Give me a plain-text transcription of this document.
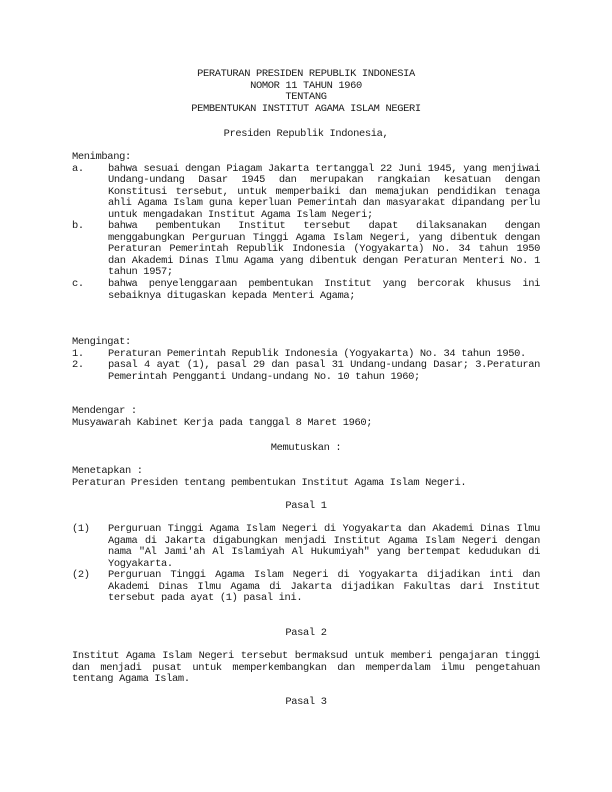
PERATURAN PRESIDEN REPUBLIK INDONESIA
NOMOR 11 TAHUN 1960
TENTANG
PEMBENTUKAN INSTITUT AGAMA ISLAM NEGERI
Presiden Republik Indonesia,
Menimbang:
a. bahwa sesuai dengan Piagam Jakarta tertanggal 22 Juni 1945, yang menjiwai Undang-undang Dasar 1945 dan merupakan rangkaian kesatuan dengan Konstitusi tersebut, untuk memperbaiki dan memajukan pendidikan tenaga ahli Agama Islam guna keperluan Pemerintah dan masyarakat dipandang perlu untuk mengadakan Institut Agama Islam Negeri;

b. bahwa pembentukan Institut tersebut dapat dilaksanakan dengan menggabungkan Perguruan Tinggi Agama Islam Negeri, yang dibentuk dengan Peraturan Pemerintah Republik Indonesia (Yogyakarta) No. 34 tahun 1950 dan Akademi Dinas Ilmu Agama yang dibentuk dengan Peraturan Menteri No. 1 tahun 1957;

c. bahwa penyelenggaraan pembentukan Institut yang bercorak khusus ini sebaiknya ditugaskan kepada Menteri Agama;

Mengingat:
1. Peraturan Pemerintah Republik Indonesia (Yogyakarta) No. 34 tahun 1950.

2. pasal 4 ayat (1), pasal 29 dan pasal 31 Undang-undang Dasar; 3.Peraturan Pemerintah Pengganti Undang-undang No. 10 tahun 1960;

Mendengar :
Musyawarah Kabinet Kerja pada tanggal 8 Maret 1960;
Memutuskan :
Menetapkan :
Peraturan Presiden tentang pembentukan Institut Agama Islam Negeri.
Pasal 1
(1) Perguruan Tinggi Agama Islam Negeri di Yogyakarta dan Akademi Dinas Ilmu Agama di Jakarta digabungkan menjadi Institut Agama Islam Negeri dengan nama "Al Jami'ah Al Islamiyah Al Hukumiyah" yang bertempat kedudukan di Yogyakarta.

(2) Perguruan Tinggi Agama Islam Negeri di Yogyakarta dijadikan inti dan Akademi Dinas Ilmu Agama di Jakarta dijadikan Fakultas dari Institut tersebut pada ayat (1) pasal ini.

Pasal 2

Institut Agama Islam Negeri tersebut bermaksud untuk memberi pengajaran tinggi dan menjadi pusat untuk memperkembangkan dan memperdalam ilmu pengetahuan tentang Agama Islam.

Pasal 3
